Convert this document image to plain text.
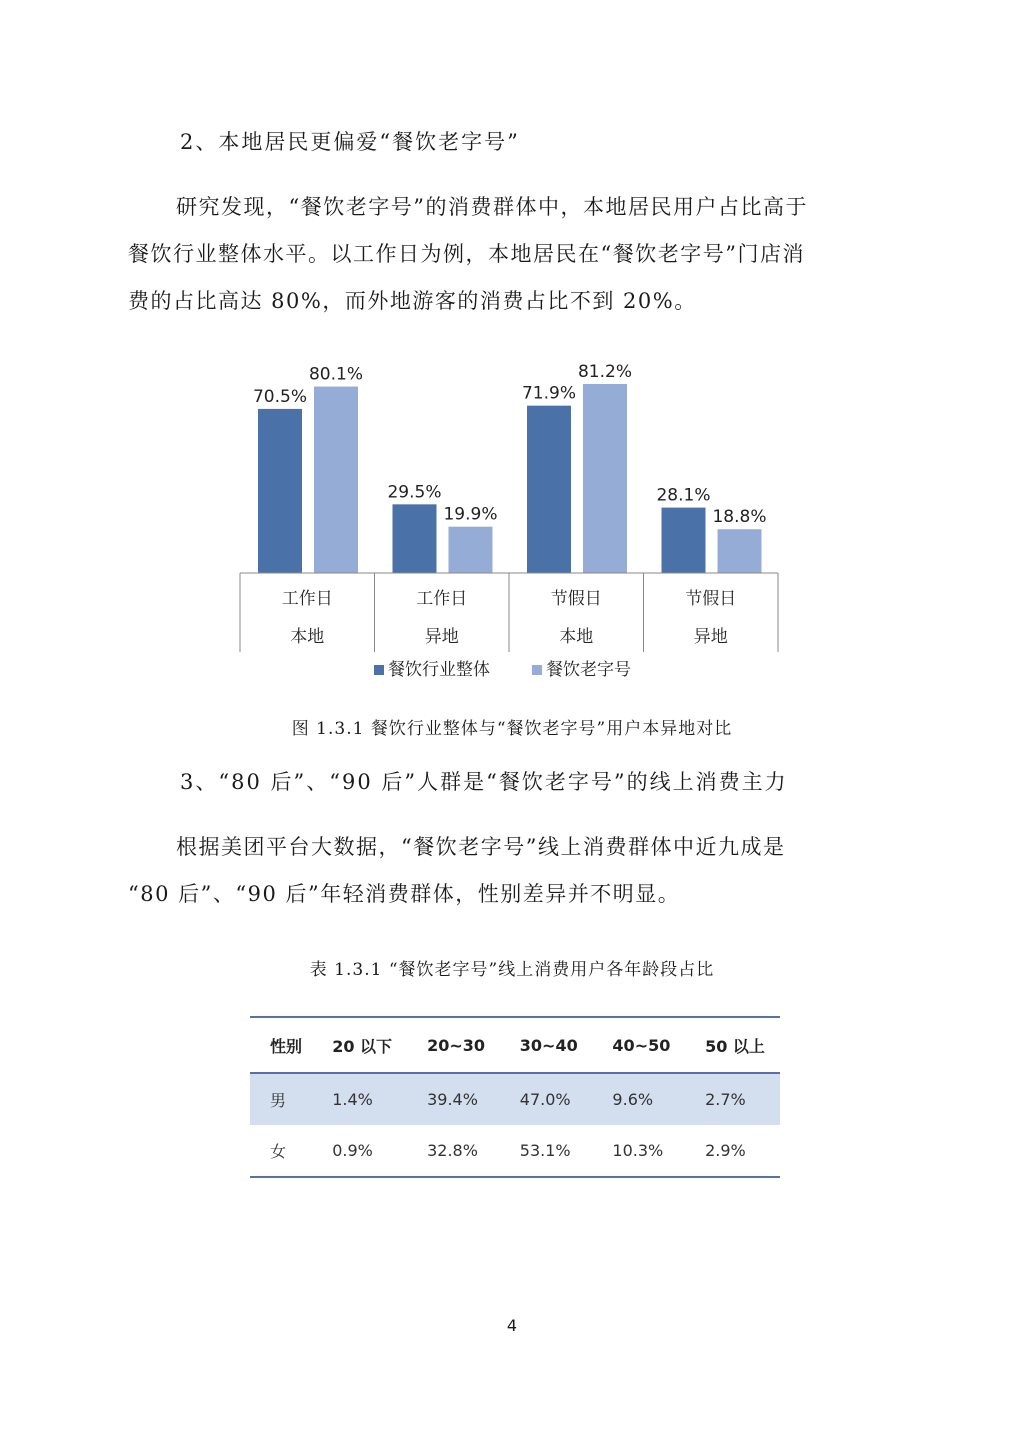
2、本地居民更偏爱“餐饮老字号”
研究发现，“餐饮老字号”的消费群体中，本地居民用户占比高于
餐饮行业整体水平。以工作日为例，本地居民在“餐饮老字号”门店消
费的占比高达 80%，而外地游客的消费占比不到 20%。
70.5%
29.5%
71.9%
28.1%
80.1%
19.9%
81.2%
18.8%
工作日
本地
工作日
异地
节假日
本地
节假日
异地
餐饮行业整体	餐饮老字号
图 1.3.1 餐饮行业整体与“餐饮老字号”用户本异地对比
3、“80 后”、“90 后”人群是“餐饮老字号”的线上消费主力
根据美团平台大数据，“餐饮老字号”线上消费群体中近九成是
“80 后”、“90 后”年轻消费群体，性别差异并不明显。
表 1.3.1 “餐饮老字号”线上消费用户各年龄段占比
性别	20 以下	20~30	30~40	40~50	50 以上
男	1.4%	39.4%	47.0%	9.6%	2.7%
女	0.9%	32.8%	53.1%	10.3%	2.9%
4
